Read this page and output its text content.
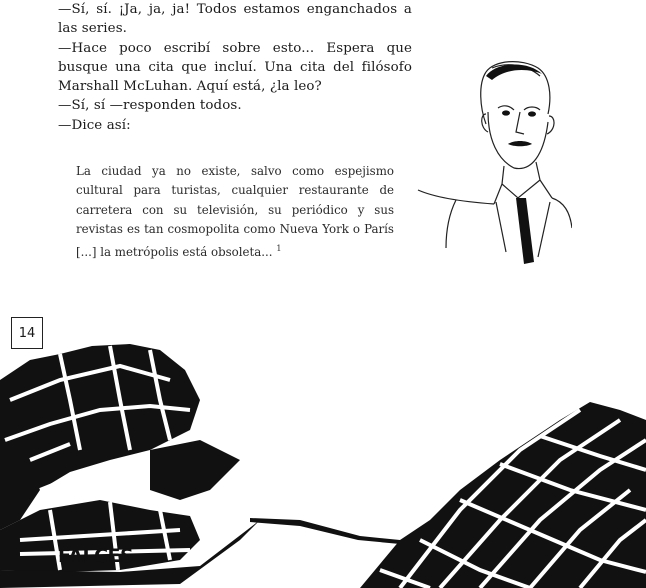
—Sí, sí. ¡Ja, ja, ja! Todos estamos enganchados a las series.

—Hace poco escribí sobre esto... Espera que busque una cita que incluí. Una cita del filósofo Marshall McLuhan. Aquí está, ¿la leo?

—Sí, sí —responden todos.

—Dice así:

La ciudad ya no existe, salvo como espejismo cultural para turistas, cualquier restaurante de carretera con su televisión, su periódico y sus revistas es tan cosmopolita como Nueva York o París [...] la metrópolis está obsoleta... $^1$
14
FALCES
